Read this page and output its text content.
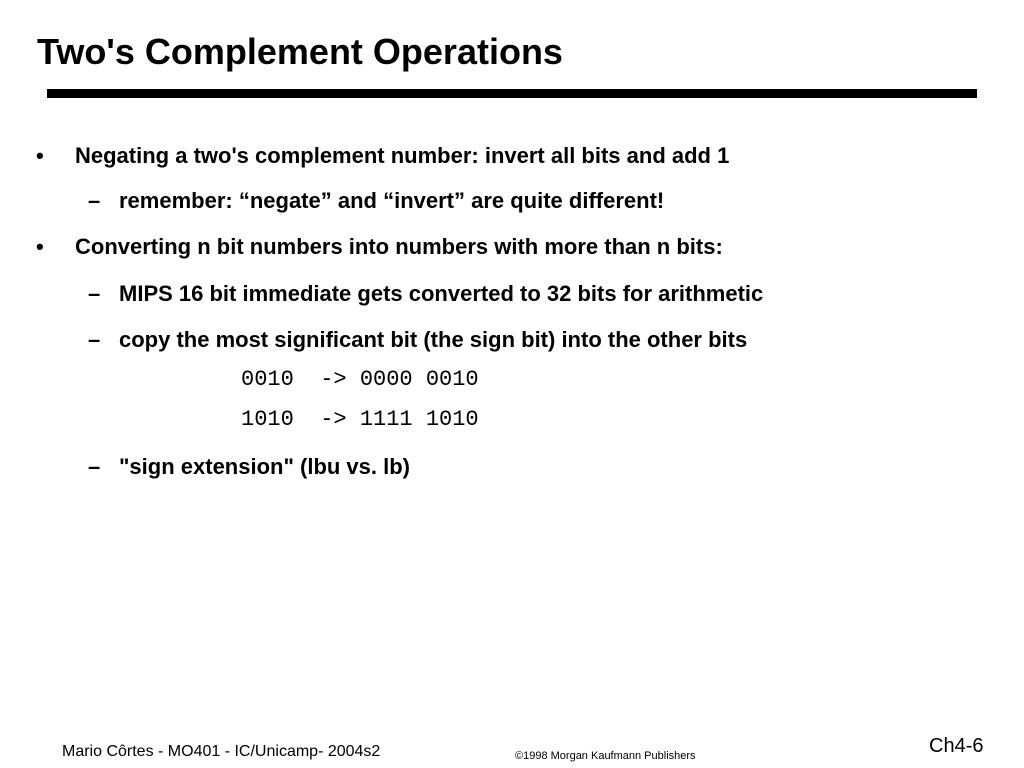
Two's Complement Operations
• Negating a two's complement number: invert all bits and add 1
– remember: “negate” and “invert” are quite different!
• Converting n bit numbers into numbers with more than n bits:
– MIPS 16 bit immediate gets converted to 32 bits for arithmetic
– copy the most significant bit (the sign bit) into the other bits
0010  -> 0000 0010
1010  -> 1111 1010
– "sign extension" (lbu vs. lb)
Mario Côrtes - MO401 - IC/Unicamp- 2004s2	©1998 Morgan Kaufmann Publishers	Ch4-6
